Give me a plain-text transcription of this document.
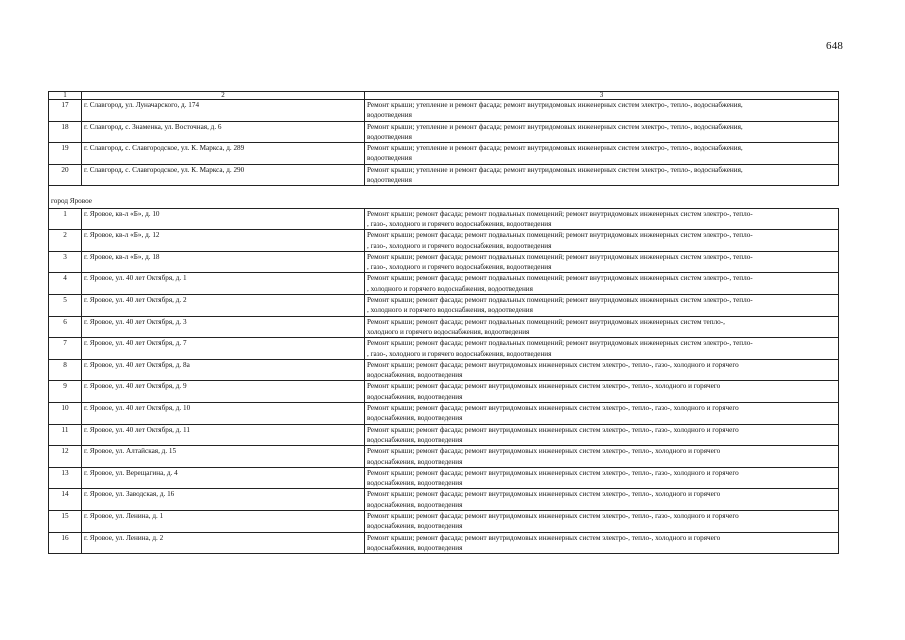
648
1	2	3
17	г. Славгород, ул. Луначарского, д. 174	Ремонт крыши; утепление и ремонт фасада; ремонт внутридомовых инженерных систем электро-, тепло-, водоснабжения,
водоотведения

18	г. Славгород, с. Знаменка, ул. Восточная, д. 6	Ремонт крыши; утепление и ремонт фасада; ремонт внутридомовых инженерных систем электро-, тепло-, водоснабжения,
водоотведения

19	г. Славгород, с. Славгородское, ул. К. Маркса, д. 289	Ремонт крыши; утепление и ремонт фасада; ремонт внутридомовых инженерных систем электро-, тепло-, водоснабжения,
водоотведения

20	г. Славгород, с. Славгородское, ул. К. Маркса, д. 290	Ремонт крыши; утепление и ремонт фасада; ремонт внутридомовых инженерных систем электро-, тепло-, водоснабжения,
водоотведения

город Яровое		
1	г. Яровое, кв-л «Б», д. 10	Ремонт крыши; ремонт фасада; ремонт подвальных помещений; ремонт внутридомовых инженерных систем электро-, тепло-
, газо-, холодного и горячего водоснабжения, водоотведения

2	г. Яровое, кв-л «Б», д. 12	Ремонт крыши; ремонт фасада; ремонт подвальных помещений; ремонт внутридомовых инженерных систем электро-, тепло-
, газо-, холодного и горячего водоснабжения, водоотведения

3	г. Яровое, кв-л «Б», д. 18	Ремонт крыши; ремонт фасада; ремонт подвальных помещений; ремонт внутридомовых инженерных систем электро-, тепло-
, газо-, холодного и горячего водоснабжения, водоотведения

4	г. Яровое, ул. 40 лет Октября, д. 1	Ремонт крыши; ремонт фасада; ремонт подвальных помещений; ремонт внутридомовых инженерных систем электро-, тепло-
, холодного и горячего водоснабжения, водоотведения

5	г. Яровое, ул. 40 лет Октября, д. 2	Ремонт крыши; ремонт фасада; ремонт подвальных помещений; ремонт внутридомовых инженерных систем электро-, тепло-
, холодного и горячего водоснабжения, водоотведения

6	г. Яровое, ул. 40 лет Октября, д. 3	Ремонт крыши; ремонт фасада; ремонт подвальных помещений; ремонт внутридомовых инженерных систем тепло-,
холодного и горячего водоснабжения, водоотведения

7	г. Яровое, ул. 40 лет Октября, д. 7	Ремонт крыши; ремонт фасада; ремонт подвальных помещений; ремонт внутридомовых инженерных систем электро-, тепло-
, газо-, холодного и горячего водоснабжения, водоотведения

8	г. Яровое, ул. 40 лет Октября, д. 8а	Ремонт крыши; ремонт фасада; ремонт внутридомовых инженерных систем электро-, тепло-, газо-, холодного и горячего
водоснабжения, водоотведения

9	г. Яровое, ул. 40 лет Октября, д. 9	Ремонт крыши; ремонт фасада; ремонт внутридомовых инженерных систем электро-, тепло-, холодного и горячего
водоснабжения, водоотведения

10	г. Яровое, ул. 40 лет Октября, д. 10	Ремонт крыши; ремонт фасада; ремонт внутридомовых инженерных систем электро-, тепло-, газо-, холодного и горячего
водоснабжения, водоотведения

11	г. Яровое, ул. 40 лет Октября, д. 11	Ремонт крыши; ремонт фасада; ремонт внутридомовых инженерных систем электро-, тепло-, газо-, холодного и горячего
водоснабжения, водоотведения

12	г. Яровое, ул. Алтайская, д. 15	Ремонт крыши; ремонт фасада; ремонт внутридомовых инженерных систем электро-, тепло-, холодного и горячего
водоснабжения, водоотведения

13	г. Яровое, ул. Верещагина, д. 4	Ремонт крыши; ремонт фасада; ремонт внутридомовых инженерных систем электро-, тепло-, газо-, холодного и горячего
водоснабжения, водоотведения

14	г. Яровое, ул. Заводская, д. 16	Ремонт крыши; ремонт фасада; ремонт внутридомовых инженерных систем электро-, тепло-, холодного и горячего
водоснабжения, водоотведения

15	г. Яровое, ул. Ленина, д. 1	Ремонт крыши; ремонт фасада; ремонт внутридомовых инженерных систем электро-, тепло-, газо-, холодного и горячего
водоснабжения, водоотведения

16	г. Яровое, ул. Ленина, д. 2	Ремонт крыши; ремонт фасада; ремонт внутридомовых инженерных систем электро-, тепло-, холодного и горячего
водоснабжения, водоотведения
